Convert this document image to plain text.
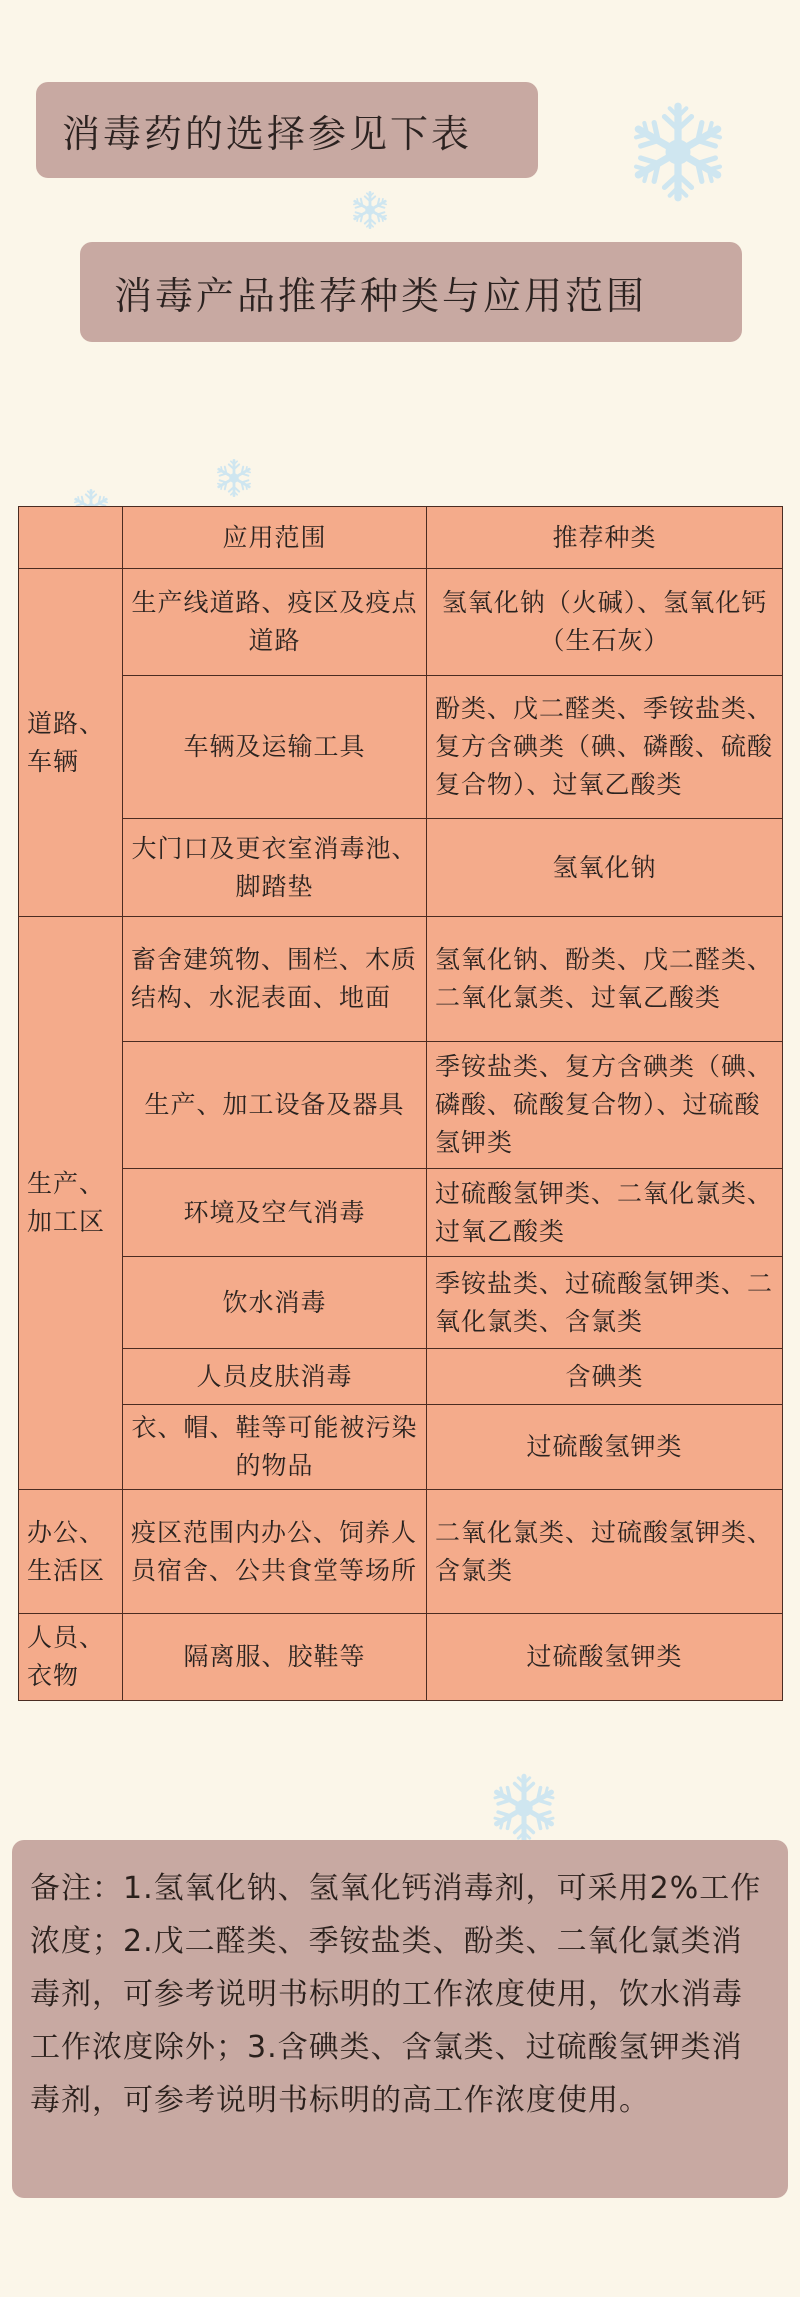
消毒药的选择参见下表
消毒产品推荐种类与应用范围
	应用范围	推荐种类
道路、车辆	生产线道路、疫区及疫点道路	氢氧化钠（火碱）、氢氧化钙（生石灰）
	车辆及运输工具	酚类、戊二醛类、季铵盐类、复方含碘类（碘、磷酸、硫酸复合物）、过氧乙酸类
	大门口及更衣室消毒池、脚踏垫	氢氧化钠
生产、加工区	畜舍建筑物、围栏、木质结构、水泥表面、地面	氢氧化钠、酚类、戊二醛类、二氧化氯类、过氧乙酸类
	生产、加工设备及器具	季铵盐类、复方含碘类（碘、磷酸、硫酸复合物）、过硫酸氢钾类
	环境及空气消毒	过硫酸氢钾类、二氧化氯类、过氧乙酸类
	饮水消毒	季铵盐类、过硫酸氢钾类、二氧化氯类、含氯类
	人员皮肤消毒	含碘类
	衣、帽、鞋等可能被污染的物品	过硫酸氢钾类
办公、生活区	疫区范围内办公、饲养人员宿舍、公共食堂等场所	二氧化氯类、过硫酸氢钾类、含氯类
人员、衣物	隔离服、胶鞋等	过硫酸氢钾类
备注：1.氢氧化钠、氢氧化钙消毒剂，可采用2%工作浓度；2.戊二醛类、季铵盐类、酚类、二氧化氯类消毒剂，可参考说明书标明的工作浓度使用，饮水消毒工作浓度除外；3.含碘类、含氯类、过硫酸氢钾类消毒剂，可参考说明书标明的高工作浓度使用。
